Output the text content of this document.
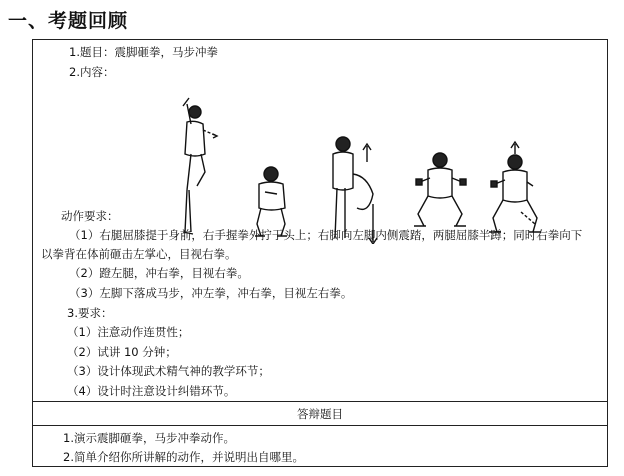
一、考题回顾
1.题目：震脚砸拳，马步冲拳
2.内容：
动作要求：
（1）右腿屈膝提于身前，右手握拳外拧于头上；右脚向左脚内侧震踏，两腿屈膝半蹲；同时右拳向下
以拳背在体前砸击左掌心，目视右拳。
（2）蹬左腿，冲右拳，目视右拳。
（3）左脚下落成马步，冲左拳，冲右拳，目视左右拳。
3.要求：
（1）注意动作连贯性；
（2）试讲 10 分钟；
（3）设计体现武术精气神的教学环节；
（4）设计时注意设计纠错环节。
答辩题目
1.演示震脚砸拳，马步冲拳动作。
2.简单介绍你所讲解的动作，并说明出自哪里。
